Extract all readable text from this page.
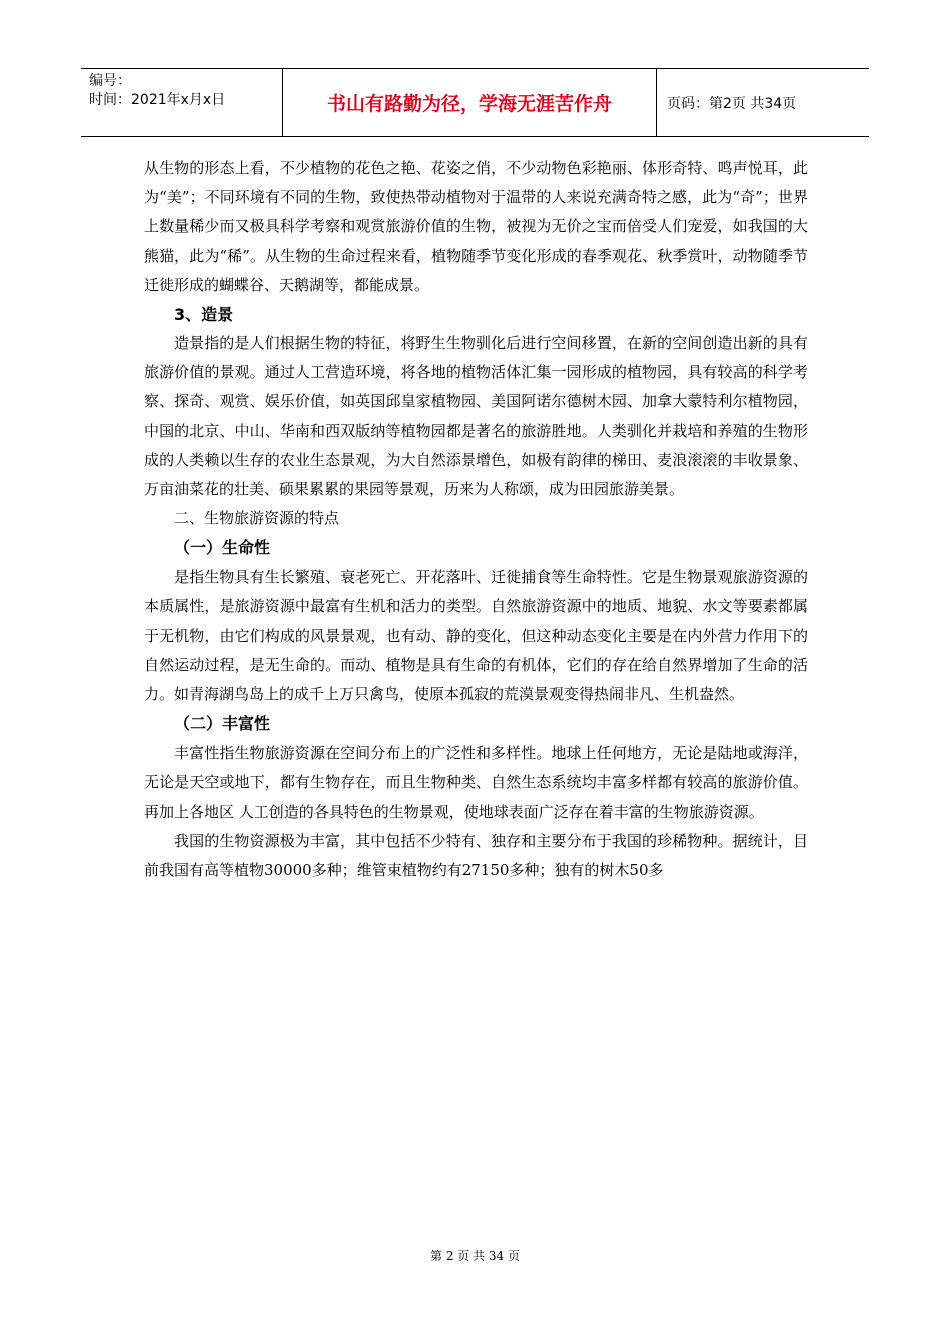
编号：
时间：2021年x月x日	书山有路勤为径，学海无涯苦作舟	页码：第2页 共34页

从生物的形态上看，不少植物的花色之艳、花姿之俏，不少动物色彩艳丽、体形奇特、鸣声悦耳，此为“美”；不同环境有不同的生物，致使热带动植物对于温带的人来说充满奇特之感，此为“奇”；世界上数量稀少而又极具科学考察和观赏旅游价值的生物，被视为无价之宝而倍受人们宠爱，如我国的大熊猫，此为“稀”。从生物的生命过程来看，植物随季节变化形成的春季观花、秋季赏叶，动物随季节迁徙形成的蝴蝶谷、天鹅湖等，都能成景。

3、造景

造景指的是人们根据生物的特征，将野生生物驯化后进行空间移置，在新的空间创造出新的具有旅游价值的景观。通过人工营造环境，将各地的植物活体汇集一园形成的植物园，具有较高的科学考察、探奇、观赏、娱乐价值，如英国邱皇家植物园、美国阿诺尔德树木园、加拿大蒙特利尔植物园，中国的北京、中山、华南和西双版纳等植物园都是著名的旅游胜地。人类驯化并栽培和养殖的生物形成的人类赖以生存的农业生态景观，为大自然添景增色，如极有韵律的梯田、麦浪滚滚的丰收景象、万亩油菜花的壮美、硕果累累的果园等景观，历来为人称颂，成为田园旅游美景。

二、生物旅游资源的特点

（一）生命性

是指生物具有生长繁殖、衰老死亡、开花落叶、迁徙捕食等生命特性。它是生物景观旅游资源的本质属性，是旅游资源中最富有生机和活力的类型。自然旅游资源中的地质、地貌、水文等要素都属于无机物，由它们构成的风景景观，也有动、静的变化，但这种动态变化主要是在内外营力作用下的自然运动过程，是无生命的。而动、植物是具有生命的有机体，它们的存在给自然界增加了生命的活力。如青海湖鸟岛上的成千上万只禽鸟，使原本孤寂的荒漠景观变得热闹非凡、生机盎然。

（二）丰富性

丰富性指生物旅游资源在空间分布上的广泛性和多样性。地球上任何地方，无论是陆地或海洋，无论是天空或地下，都有生物存在，而且生物种类、自然生态系统均丰富多样都有较高的旅游价值。再加上各地区 人工创造的各具特色的生物景观，使地球表面广泛存在着丰富的生物旅游资源。

我国的生物资源极为丰富，其中包括不少特有、独存和主要分布于我国的珍稀物种。据统计，目前我国有高等植物30000多种；维管束植物约有27150多种；独有的树木50多

第 2 页 共 34 页
